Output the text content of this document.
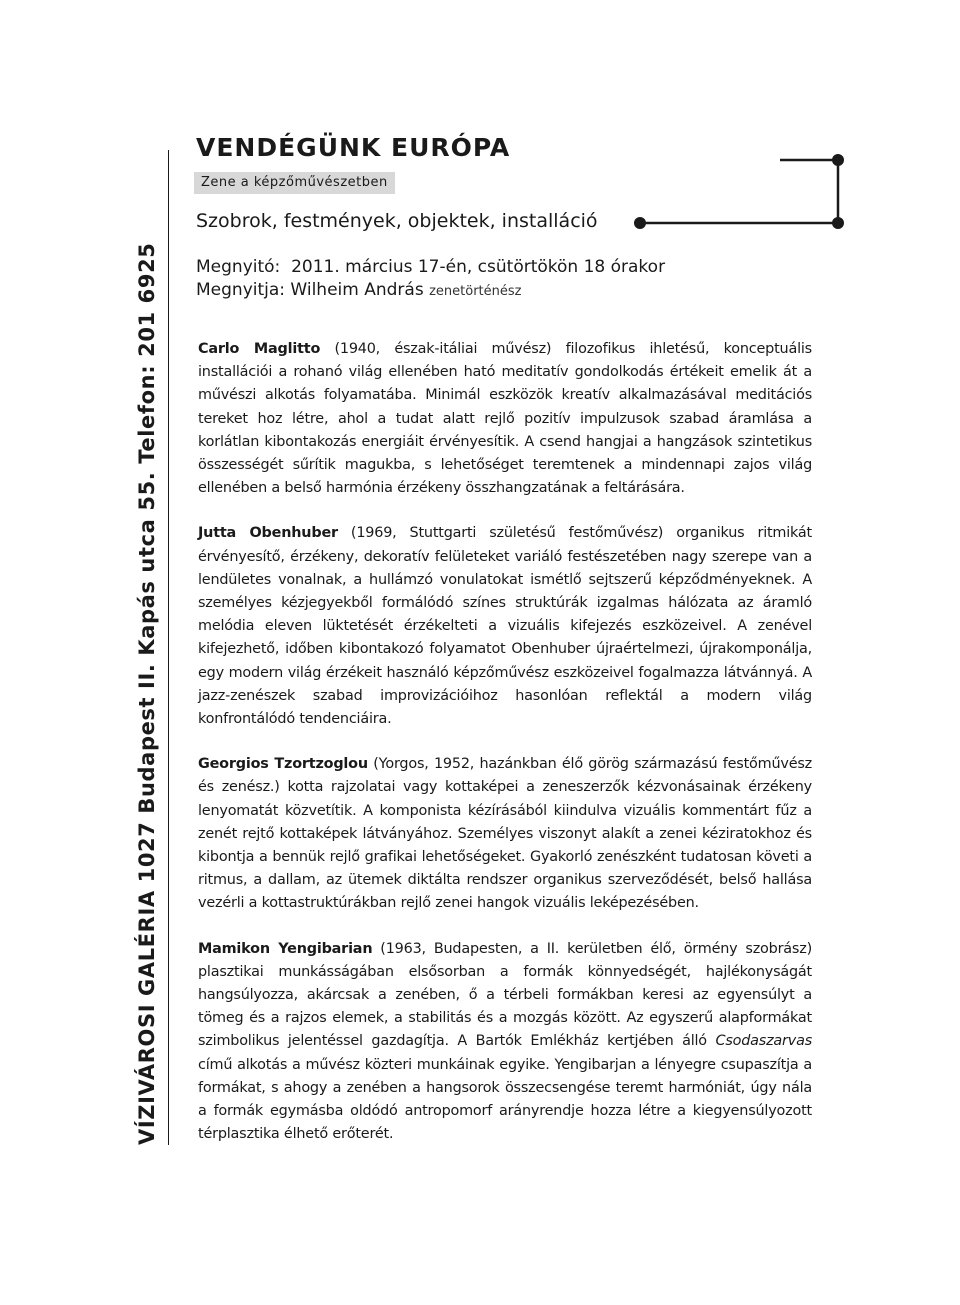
VÍZIVÁROSI GALÉRIA 1027 Budapest II. Kapás utca 55. Telefon: 201 6925
VENDÉGÜNK EURÓPA
Zene a képzőművészetben
Szobrok, festmények, objektek, installáció
Megnyitó: 2011. március 17-én, csütörtökön 18 órakor
Megnyitja: Wilheim András zenetörténész

Carlo Maglitto (1940, észak-itáliai művész) filozofikus ihletésű, konceptuális installációi a rohanó világ ellenében ható meditatív gondolkodás értékeit emelik át a művészi alkotás folyamatába. Minimál eszközök kreatív alkalmazásával meditációs tereket hoz létre, ahol a tudat alatt rejlő pozitív impulzusok szabad áramlása a korlátlan kibontakozás energiáit érvényesítik. A csend hangjai a hangzások szintetikus összességét sűrítik magukba, s lehetőséget teremtenek a mindennapi zajos világ ellenében a belső harmónia érzékeny összhangzatának a feltárására.

Jutta Obenhuber (1969, Stuttgarti születésű festőművész) organikus ritmikát érvényesítő, érzékeny, dekoratív felületeket variáló festészetében nagy szerepe van a lendületes vonalnak, a hullámzó vonulatokat ismétlő sejtszerű képződményeknek. A személyes kézjegyekből formálódó színes struktúrák izgalmas hálózata az áramló melódia eleven lüktetését érzékelteti a vizuális kifejezés eszközeivel. A zenével kifejezhető, időben kibontakozó folyamatot Obenhuber újraértelmezi, újrakomponálja, egy modern világ érzékeit használó képzőművész eszközeivel fogalmazza látvánnyá. A jazz-zenészek szabad improvizációihoz hasonlóan reflektál a modern világ konfrontálódó tendenciáira.

Georgios Tzortzoglou (Yorgos, 1952, hazánkban élő görög származású festőművész és zenész.) kotta rajzolatai vagy kottaképei a zeneszerzők kézvonásainak érzékeny lenyomatát közvetítik. A komponista kézírásából kiindulva vizuális kommentárt fűz a zenét rejtő kottaképek látványához. Személyes viszonyt alakít a zenei kéziratokhoz és kibontja a bennük rejlő grafikai lehetőségeket. Gyakorló zenészként tudatosan követi a ritmus, a dallam, az ütemek diktálta rendszer organikus szerveződését, belső hallása vezérli a kottastruktúrákban rejlő zenei hangok vizuális leképezésében.

Mamikon Yengibarian (1963, Budapesten, a II. kerületben élő, örmény szobrász) plasztikai munkásságában elsősorban a formák könnyedségét, hajlékonyságát hangsúlyozza, akárcsak a zenében, ő a térbeli formákban keresi az egyensúlyt a tömeg és a rajzos elemek, a stabilitás és a mozgás között. Az egyszerű alapformákat szimbolikus jelentéssel gazdagítja. A Bartók Emlékház kertjében álló Csodaszarvas című alkotás a művész közteri munkáinak egyike. Yengibarjan a lényegre csupaszítja a formákat, s ahogy a zenében a hangsorok összecsengése teremt harmóniát, úgy nála a formák egymásba oldódó antropomorf arányrendje hozza létre a kiegyensúlyozott térplasztika élhető erőterét.
